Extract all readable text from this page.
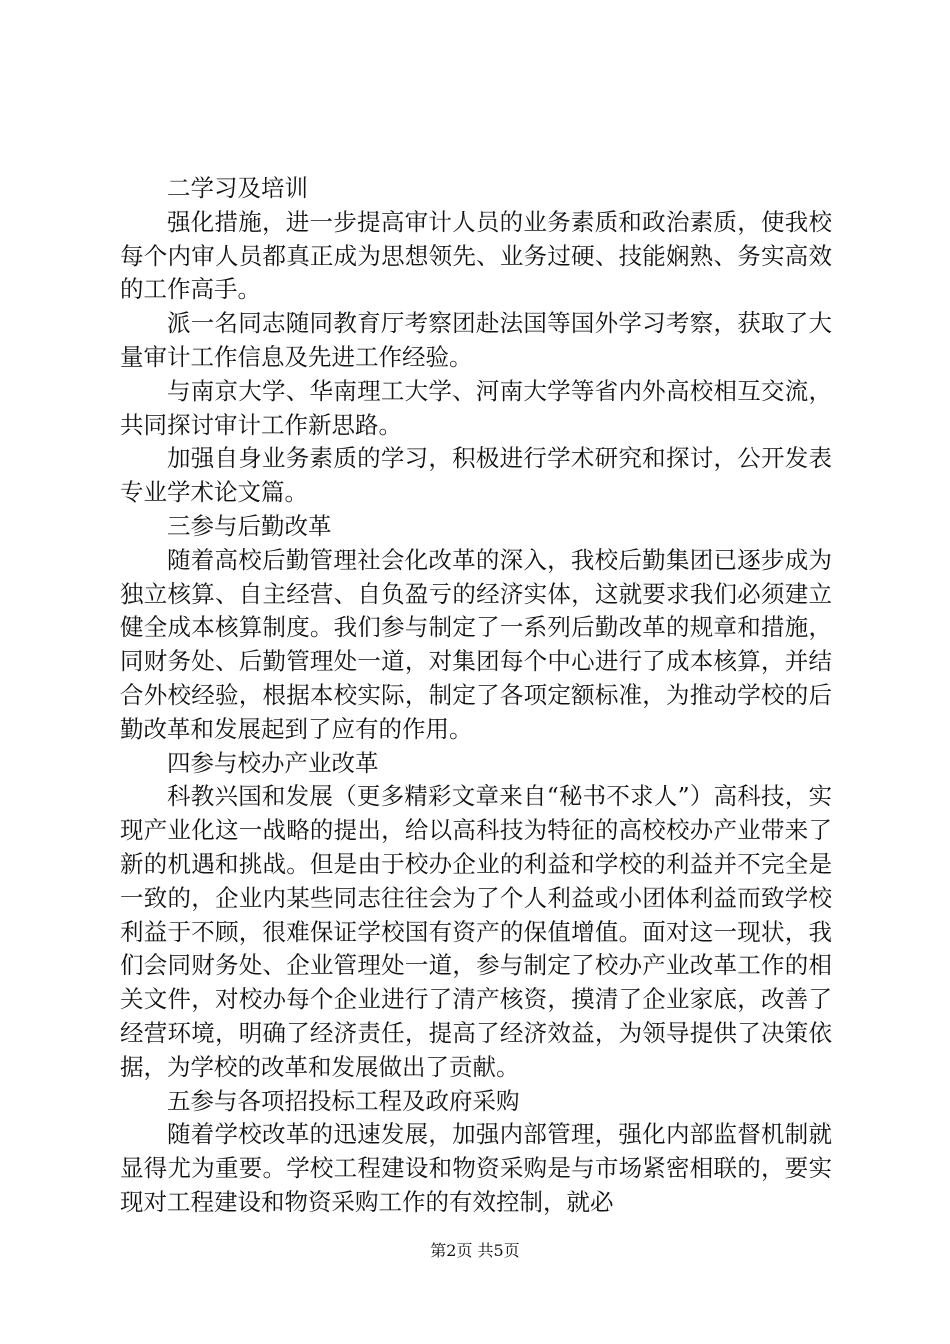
二学习及培训

强化措施，进一步提高审计人员的业务素质和政治素质，使我校每个内审人员都真正成为思想领先、业务过硬、技能娴熟、务实高效的工作高手。

派一名同志随同教育厅考察团赴法国等国外学习考察，获取了大量审计工作信息及先进工作经验。

与南京大学、华南理工大学、河南大学等省内外高校相互交流，共同探讨审计工作新思路。

加强自身业务素质的学习，积极进行学术研究和探讨，公开发表专业学术论文篇。

三参与后勤改革

随着高校后勤管理社会化改革的深入，我校后勤集团已逐步成为独立核算、自主经营、自负盈亏的经济实体，这就要求我们必须建立健全成本核算制度。我们参与制定了一系列后勤改革的规章和措施，同财务处、后勤管理处一道，对集团每个中心进行了成本核算，并结合外校经验，根据本校实际，制定了各项定额标准，为推动学校的后勤改革和发展起到了应有的作用。

四参与校办产业改革

科教兴国和发展（更多精彩文章来自“秘书不求人”）高科技，实现产业化这一战略的提出，给以高科技为特征的高校校办产业带来了新的机遇和挑战。但是由于校办企业的利益和学校的利益并不完全是一致的，企业内某些同志往往会为了个人利益或小团体利益而致学校利益于不顾，很难保证学校国有资产的保值增值。面对这一现状，我们会同财务处、企业管理处一道，参与制定了校办产业改革工作的相关文件，对校办每个企业进行了清产核资，摸清了企业家底，改善了经营环境，明确了经济责任，提高了经济效益，为领导提供了决策依据，为学校的改革和发展做出了贡献。

五参与各项招投标工程及政府采购

随着学校改革的迅速发展，加强内部管理，强化内部监督机制就显得尤为重要。学校工程建设和物资采购是与市场紧密相联的，要实现对工程建设和物资采购工作的有效控制，就必

第2页 共5页
